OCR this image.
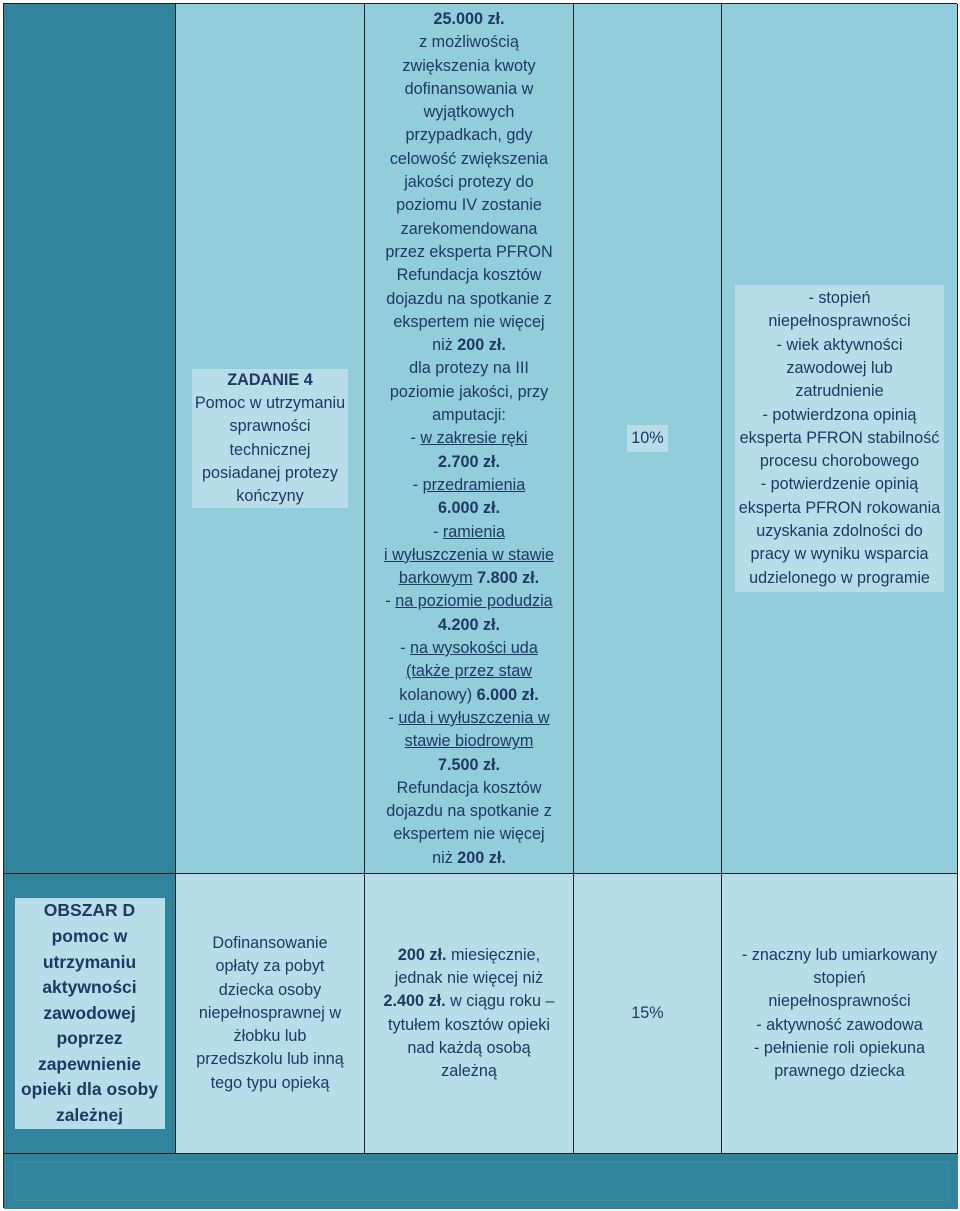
ZADANIE 4
Pomoc w utrzymaniu
sprawności
technicznej
posiadanej protezy
kończyny
25.000 zł.
z możliwością
zwiększenia kwoty
dofinansowania w
wyjątkowych
przypadkach, gdy
celowość zwiększenia
jakości protezy do
poziomu IV zostanie
zarekomendowana
przez eksperta PFRON
Refundacja kosztów
dojazdu na spotkanie z
ekspertem nie więcej
niż 200 zł.
dla protezy na III
poziomie jakości, przy
amputacji:
- w zakresie ręki
2.700 zł.
- przedramienia
6.000 zł.
- ramienia
i wyłuszczenia w stawie
barkowym 7.800 zł.
- na poziomie podudzia
4.200 zł.
- na wysokości uda
(także przez staw
kolanowy) 6.000 zł.
- uda i wyłuszczenia w
stawie biodrowym
7.500 zł.
Refundacja kosztów
dojazdu na spotkanie z
ekspertem nie więcej
niż 200 zł.
10%
- stopień
niepełnosprawności
- wiek aktywności
zawodowej lub
zatrudnienie
- potwierdzona opinią
eksperta PFRON stabilność
procesu chorobowego
- potwierdzenie opinią
eksperta PFRON rokowania
uzyskania zdolności do
pracy w wyniku wsparcia
udzielonego w programie
OBSZAR D
pomoc w
utrzymaniu
aktywności
zawodowej
poprzez
zapewnienie
opieki dla osoby
zależnej
Dofinansowanie
opłaty za pobyt
dziecka osoby
niepełnosprawnej w
żłobku lub
przedszkolu lub inną
tego typu opieką
200 zł. miesięcznie,
jednak nie więcej niż
2.400 zł. w ciągu roku –
tytułem kosztów opieki
nad każdą osobą
zależną
15%
- znaczny lub umiarkowany
stopień
niepełnosprawności
- aktywność zawodowa
- pełnienie roli opiekuna
prawnego dziecka
